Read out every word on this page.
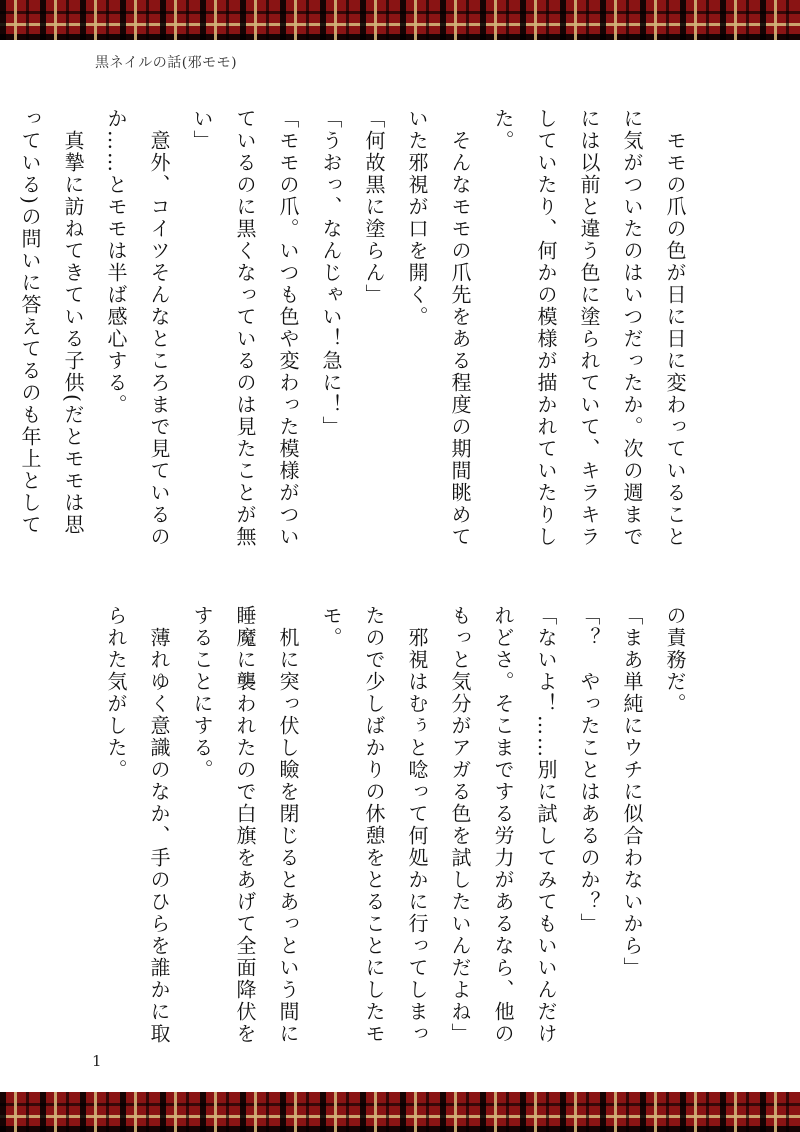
黒ネイルの話(邪モモ)
　モモの爪の色が日に日に変わっていること
に気がついたのはいつだったか。次の週まで
には以前と違う色に塗られていて、キラキラ
していたり、何かの模様が描かれていたりし
た。
　そんなモモの爪先をある程度の期間眺めて
いた邪視が口を開く。
「何故黒に塗らん」
「うおっ、なんじゃい！急に！」
「モモの爪。いつも色や変わった模様がつい
ているのに黒くなっているのは見たことが無
い」
　意外、コイツそんなところまで見ているの
か……とモモは半ば感心する。
　真摯に訪ねてきている子供(だとモモは思
っている)の問いに答えてるのも年上として
の責務だ。
「まあ単純にウチに似合わないから」
「？　やったことはあるのか？」
「ないよ！……別に試してみてもいいんだけ
れどさ。そこまでする労力があるなら、他の
もっと気分がアガる色を試したいんだよね」
　邪視はむぅと唸って何処かに行ってしまっ
たので少しばかりの休憩をとることにしたモ
モ。
　机に突っ伏し瞼を閉じるとあっという間に
睡魔に襲われたので白旗をあげて全面降伏を
することにする。
　薄れゆく意識のなか、手のひらを誰かに取
られた気がした。
1
